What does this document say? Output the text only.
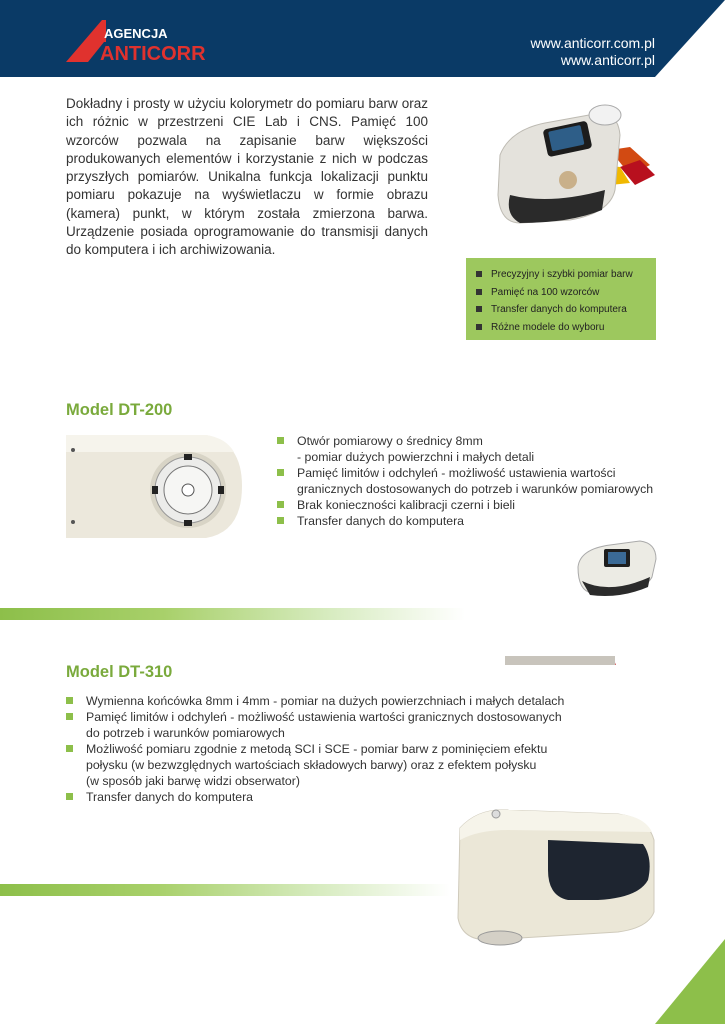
AGENCJA
ANTICORR	www.anticorr.com.pl
www.anticorr.pl
Dokładny i prosty w użyciu kolorymetr do pomiaru barw oraz ich różnic w przestrzeni CIE Lab i CNS. Pamięć 100 wzorców pozwala na zapisanie barw większości produkowanych elementów i korzystanie z nich w podczas przyszłych pomiarów. Unikalna funkcja lokalizacji punktu pomiaru pokazuje na wyświetlaczu w formie obrazu (kamera) punkt, w którym została zmierzona barwa. Urządzenie posiada oprogramowanie do transmisji danych do komputera i ich archiwizowania.
Precyzyjny i szybki pomiar barw
Pamięć na 100 wzorców
Transfer danych do komputera
Różne modele do wyboru
Model DT-200
Otwór pomiarowy o średnicy 8mm
- pomiar dużych powierzchni i małych detali
Pamięć limitów i odchyleń - możliwość ustawienia wartości
granicznych dostosowanych do potrzeb i warunków pomiarowych
Brak konieczności kalibracji czerni i bieli
Transfer danych do komputera
Model DT-310
Wymienna końcówka 8mm i 4mm - pomiar na dużych powierzchniach i małych detalach
Pamięć limitów i odchyleń - możliwość ustawienia wartości granicznych dostosowanych
do potrzeb i warunków pomiarowych
Możliwość pomiaru zgodnie z metodą SCI i SCE - pomiar barw z pominięciem efektu
połysku (w bezwzględnych wartościach składowych barwy) oraz z efektem połysku
(w sposób jaki barwę widzi obserwator)
Transfer danych do komputera
